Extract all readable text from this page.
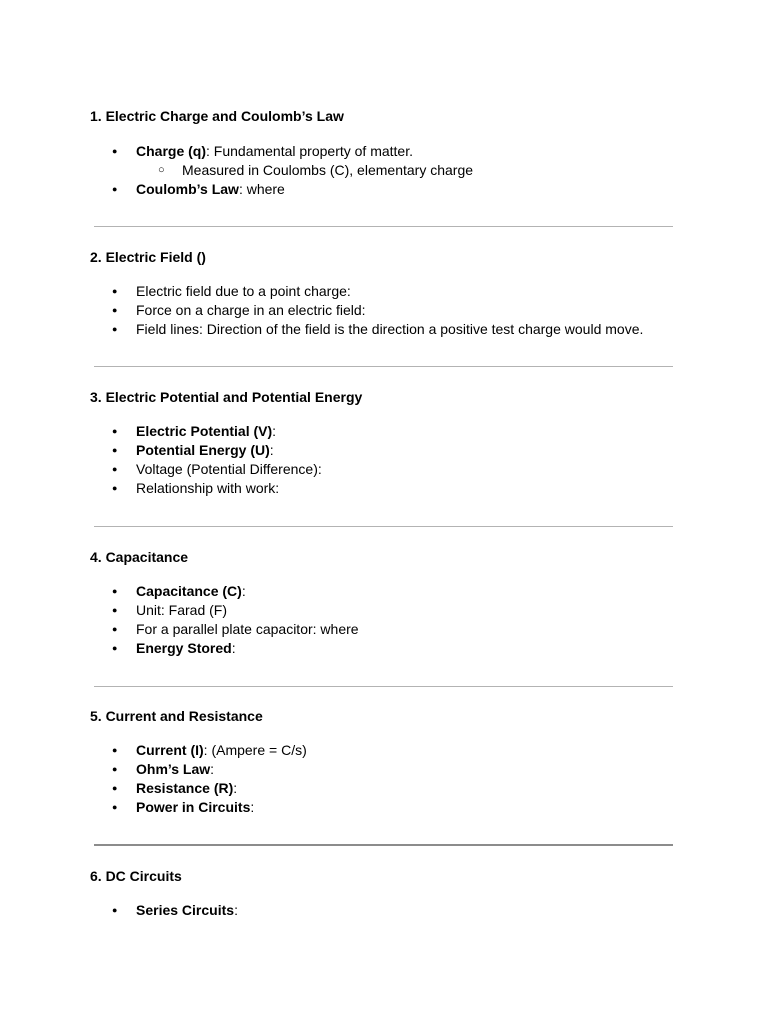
1. Electric Charge and Coulomb’s Law
● Charge (q): Fundamental property of matter.
○ Measured in Coulombs (C), elementary charge
● Coulomb’s Law: where
2. Electric Field ()
● Electric field due to a point charge:
● Force on a charge in an electric field:
● Field lines: Direction of the field is the direction a positive test charge would move.
3. Electric Potential and Potential Energy
● Electric Potential (V):
● Potential Energy (U):
● Voltage (Potential Difference):
● Relationship with work:
4. Capacitance
● Capacitance (C):
● Unit: Farad (F)
● For a parallel plate capacitor: where
● Energy Stored:
5. Current and Resistance
● Current (I): (Ampere = C/s)
● Ohm’s Law:
● Resistance (R):
● Power in Circuits:
6. DC Circuits
● Series Circuits:
